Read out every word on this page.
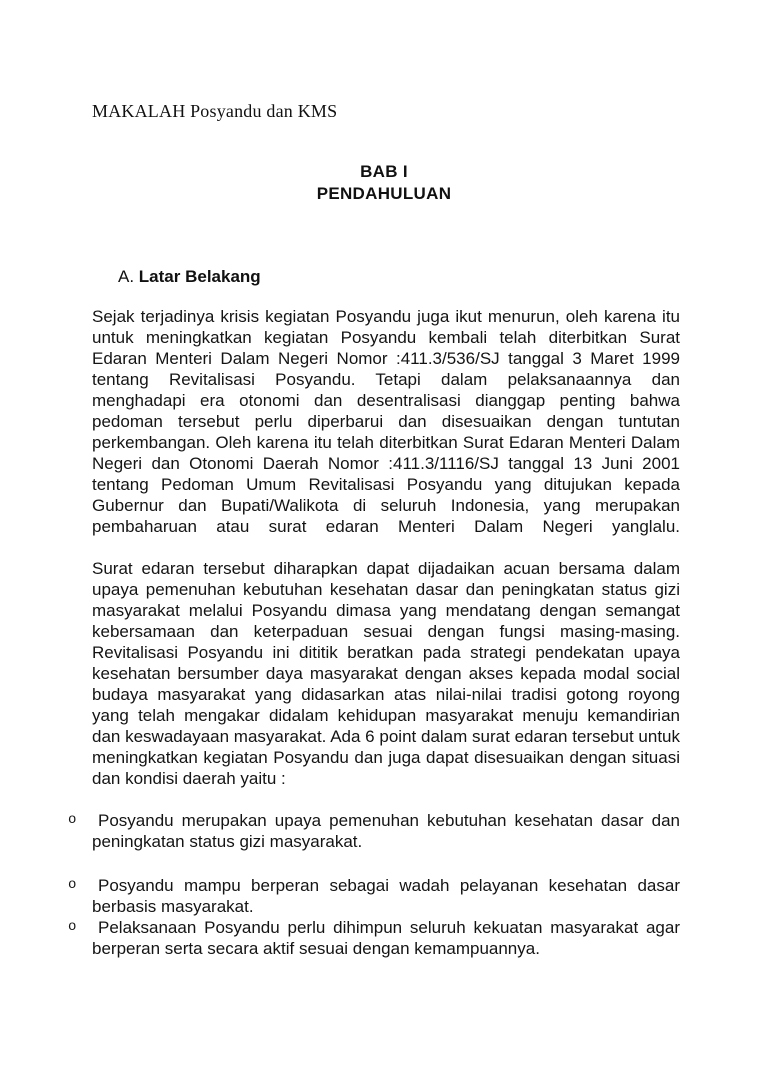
MAKALAH Posyandu dan KMS
BAB I
PENDAHULUAN
A. Latar Belakang

Sejak terjadinya krisis kegiatan Posyandu juga ikut menurun, oleh karena itu untuk meningkatkan kegiatan Posyandu kembali telah diterbitkan Surat Edaran Menteri Dalam Negeri Nomor :411.3/536/SJ tanggal 3 Maret 1999 tentang Revitalisasi Posyandu. Tetapi dalam pelaksanaannya dan menghadapi era otonomi dan desentralisasi dianggap penting bahwa pedoman tersebut perlu diperbarui dan disesuaikan dengan tuntutan perkembangan. Oleh karena itu telah diterbitkan Surat Edaran Menteri Dalam Negeri dan Otonomi Daerah Nomor :411.3/1116/SJ tanggal 13 Juni 2001 tentang Pedoman Umum Revitalisasi Posyandu yang ditujukan kepada Gubernur dan Bupati/Walikota di seluruh Indonesia, yang merupakan pembaharuan atau surat edaran Menteri Dalam Negeri yanglalu.

Surat edaran tersebut diharapkan dapat dijadaikan acuan bersama dalam upaya pemenuhan kebutuhan kesehatan dasar dan peningkatan status gizi masyarakat melalui Posyandu dimasa yang mendatang dengan semangat kebersamaan dan keterpaduan sesuai dengan fungsi masing-masing. Revitalisasi Posyandu ini dititik beratkan pada strategi pendekatan upaya kesehatan bersumber daya masyarakat dengan akses kepada modal social budaya masyarakat yang didasarkan atas nilai-nilai tradisi gotong royong yang telah mengakar didalam kehidupan masyarakat menuju kemandirian dan keswadayaan masyarakat. Ada 6 point dalam surat edaran tersebut untuk meningkatkan kegiatan Posyandu dan juga dapat disesuaikan dengan situasi dan kondisi daerah yaitu :

o	Posyandu merupakan upaya pemenuhan kebutuhan kesehatan dasar dan peningkatan status gizi masyarakat.
o	Posyandu mampu berperan sebagai wadah pelayanan kesehatan dasar berbasis masyarakat.
o	Pelaksanaan Posyandu perlu dihimpun seluruh kekuatan masyarakat agar berperan serta secara aktif sesuai dengan kemampuannya.
